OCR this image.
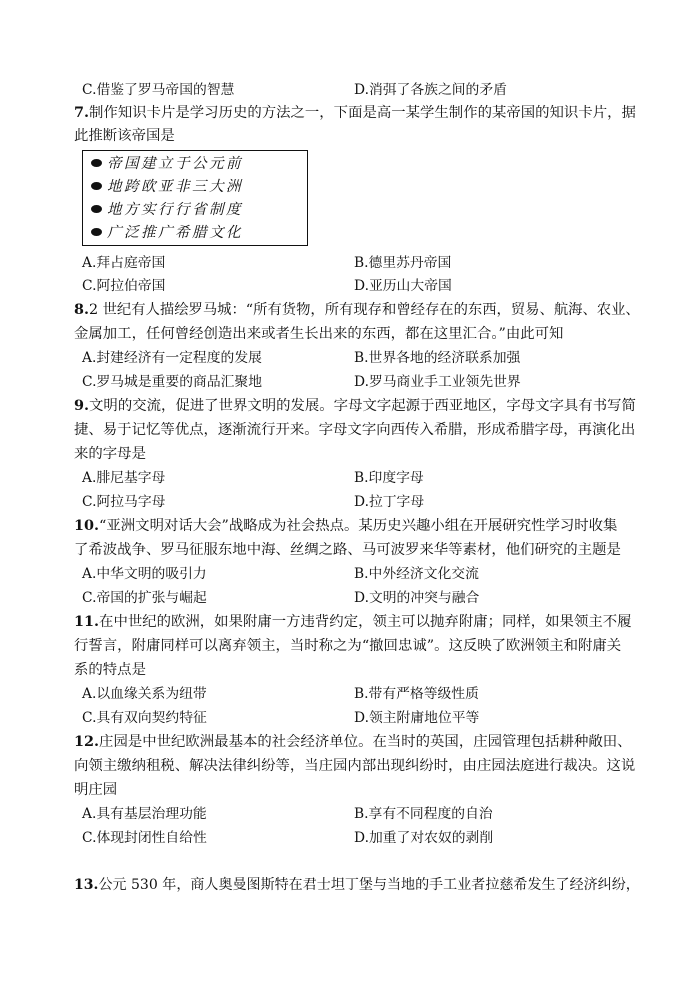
C.借鉴了罗马帝国的智慧	D.消弭了各族之间的矛盾
7.制作知识卡片是学习历史的方法之一，下面是高一某学生制作的某帝国的知识卡片，据
此推断该帝国是
帝国建立于公元前
地跨欧亚非三大洲
地方实行行省制度
广泛推广希腊文化
A.拜占庭帝国	B.德里苏丹帝国
C.阿拉伯帝国	D.亚历山大帝国
8.2 世纪有人描绘罗马城：“所有货物，所有现存和曾经存在的东西，贸易、航海、农业、
金属加工，任何曾经创造出来或者生长出来的东西，都在这里汇合。”由此可知
A.封建经济有一定程度的发展	B.世界各地的经济联系加强
C.罗马城是重要的商品汇聚地	D.罗马商业手工业领先世界
9.文明的交流，促进了世界文明的发展。字母文字起源于西亚地区，字母文字具有书写简
捷、易于记忆等优点，逐渐流行开来。字母文字向西传入希腊，形成希腊字母，再演化出
来的字母是
A.腓尼基字母	B.印度字母
C.阿拉马字母	D.拉丁字母
10.“亚洲文明对话大会”战略成为社会热点。某历史兴趣小组在开展研究性学习时收集
了希波战争、罗马征服东地中海、丝绸之路、马可波罗来华等素材，他们研究的主题是
A.中华文明的吸引力	B.中外经济文化交流
C.帝国的扩张与崛起	D.文明的冲突与融合
11.在中世纪的欧洲，如果附庸一方违背约定，领主可以抛弃附庸；同样，如果领主不履
行誓言，附庸同样可以离弃领主，当时称之为“撤回忠诚”。这反映了欧洲领主和附庸关
系的特点是
A.以血缘关系为纽带	B.带有严格等级性质
C.具有双向契约特征	D.领主附庸地位平等
12.庄园是中世纪欧洲最基本的社会经济单位。在当时的英国，庄园管理包括耕种敞田、
向领主缴纳租税、解决法律纠纷等，当庄园内部出现纠纷时，由庄园法庭进行裁决。这说
明庄园
A.具有基层治理功能	B.享有不同程度的自治
C.体现封闭性自给性	D.加重了对农奴的剥削
13.公元 530 年，商人奥曼图斯特在君士坦丁堡与当地的手工业者拉慈希发生了经济纠纷，
